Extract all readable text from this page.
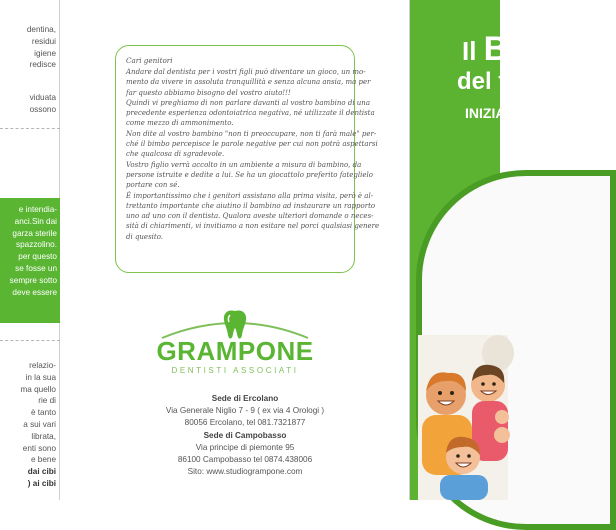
dentina,
residui
igiene
redisce
viduata
ossono
e intendia-
anci.Sin dai
garza sterile
spazzolino.
per questo
se fosse un
sempre sotto
deve essere
relazio-
in la sua
ma quello
rie di
è tanto
a sui vari
librata,
enti sono
e bene
dai cibi
) ai cibi
Cari genitori
Andare dal dentista per i vostri figli può diventare un gioco, un mo-
mento da vivere in assoluta tranquillità e senza alcuna ansia, ma per
far questo abbiamo bisogno del vostro aiuto!!!
Quindi vi preghiamo di non parlare davanti al vostro bambino di una
precedente esperienza odontoiatrica negativa, né utilizzate il dentista
come mezzo di ammonimento.
Non dite al vostro bambino "non ti preoccupare, non ti farà male" per-
ché il bimbo percepisce le parole negative per cui non potrà aspettarsi
che qualcosa di sgradevole.
Vostro figlio verrà accolto in un ambiente a misura di bambino, da
persone istruite e dedite a lui. Se ha un giocattolo preferito fateglielo
portare con sé.
È importantissimo che i genitori assistano alla prima visita, però è al-
trettanto importante che aiutino il bambino ad instaurare un rapporto
uno ad uno con il dentista. Qualora aveste ulteriori domande o neces-
sità di chiarimenti, vi invitiamo a non esitare nel porci qualsiasi genere
di quesito.
GRAMPONE
DENTISTI ASSOCIATI
Sede di Ercolano
Via Generale Niglio 7 - 9 ( ex via 4 Orologi )
80056 Ercolano, tel 081.7321877
Sede di Campobasso
Via principe di piemonte 95
86100 Campobasso tel 0874.438006
Sito: www.studiogrampone.com
Il B
del t
INIZIA
